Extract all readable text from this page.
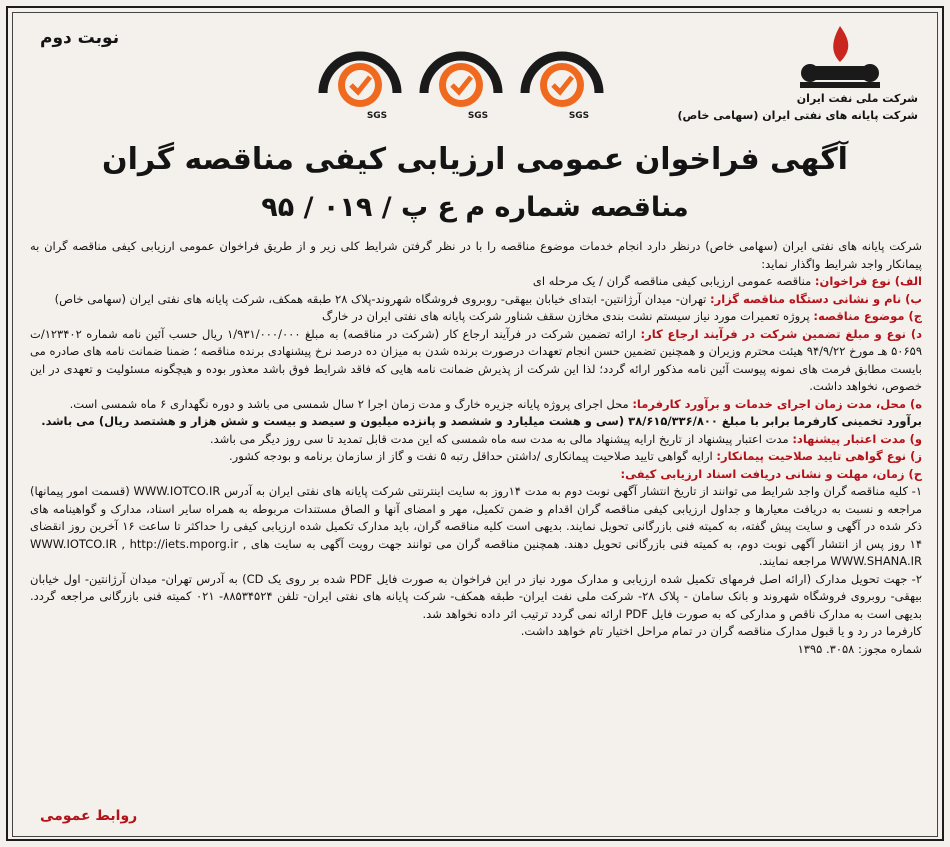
نوبت دوم
SGS
	SGS
	SGS
شرکت ملی نفت ایران
شرکت پایانه های نفتی ایران (سهامی خاص)
آگهی فراخوان عمومی ارزیابی کیفی مناقصه گران
مناقصه شماره م ع پ / ۰۱۹ / ۹۵

شرکت پایانه های نفتی ایران (سهامی خاص) درنظر دارد انجام خدمات موضوع مناقصه را با در نظر گرفتن شرایط کلی زیر و از طریق فراخوان عمومی ارزیابی کیفی مناقصه گران به پیمانکار واجد شرایط واگذار نماید:

الف) نوع فراخوان: مناقصه عمومی ارزیابی کیفی مناقصه گران / یک مرحله ای

ب) نام و نشانی دستگاه مناقصه گزار: تهران- میدان آرژانتین- ابتدای خیابان بیهقی- روبروی فروشگاه شهروند-پلاک ۲۸ طبقه همکف، شرکت پایانه های نفتی ایران (سهامی خاص)

ج) موضوع مناقصه: پروژه تعمیرات مورد نیاز سیستم نشت بندی مخازن سقف شناور شرکت پایانه های نفتی ایران در خارگ

د) نوع و مبلغ تضمین شرکت در فرآیند ارجاع کار: ارائه تضمین شرکت در فرآیند ارجاع کار (شرکت در مناقصه) به مبلغ ۱/۹۳۱/۰۰۰/۰۰۰ ریال حسب آئین نامه شماره ۱۲۳۴۰۲/ت ۵۰۶۵۹ هـ مورخ ۹۴/۹/۲۲ هیئت محترم وزیران و همچنین تضمین حسن انجام تعهدات درصورت برنده شدن به میزان ده درصد نرخ پیشنهادی برنده مناقصه ؛ ضمنا ضمانت نامه های صادره می بایست مطابق فرمت های نمونه پیوست آئین نامه مذکور ارائه گردد؛ لذا این شرکت از پذیرش ضمانت نامه هایی که فاقد شرایط فوق باشد معذور بوده و هیچگونه مسئولیت و تعهدی در این خصوص، نخواهد داشت.

ه) محل، مدت زمان اجرای خدمات و برآورد کارفرما: محل اجرای پروژه پایانه جزیره خارگ و مدت زمان اجرا ۲ سال شمسی می باشد و دوره نگهداری ۶ ماه شمسی است.

برآورد تخمینی کارفرما برابر با مبلغ ۳۸/۶۱۵/۳۳۶/۸۰۰ (سی و هشت میلیارد و ششصد و پانزده میلیون و سیصد و بیست و شش هزار و هشتصد ریال) می باشد.

و) مدت اعتبار پیشنهاد: مدت اعتبار پیشنهاد از تاریخ ارایه پیشنهاد مالی به مدت سه ماه شمسی که این مدت قابل تمدید تا سی روز دیگر می باشد.

ز) نوع گواهی تایید صلاحیت پیمانکار: ارایه گواهی تایید صلاحیت پیمانکاری /داشتن حداقل رتبه ۵ نفت و گاز از سازمان برنامه و بودجه کشور.

ح) زمان، مهلت و نشانی دریافت اسناد ارزیابی کیفی:

۱- کلیه مناقصه گران واجد شرایط می توانند از تاریخ انتشار آگهی نوبت دوم به مدت ۱۴روز به سایت اینترنتی شرکت پایانه های نفتی ایران به آدرس WWW.IOTCO.IR (قسمت امور پیمانها) مراجعه و نسبت به دریافت معیارها و جداول ارزیابی کیفی مناقصه گران اقدام و ضمن تکمیل، مهر و امضای آنها و الصاق مستندات مربوطه به همراه سایر اسناد، مدارک و گواهینامه های ذکر شده در آگهی و سایت پیش گفته، به کمیته فنی بازرگانی تحویل نمایند. بدیهی است کلیه مناقصه گران، باید مدارک تکمیل شده ارزیابی کیفی را حداکثر تا ساعت ۱۶ آخرین روز انقضای ۱۴ روز پس از انتشار آگهی نوبت دوم، به کمیته فنی بازرگانی تحویل دهند. همچنین مناقصه گران می توانند جهت رویت آگهی به سایت های WWW.IOTCO.IR , http://iets.mporg.ir , WWW.SHANA.IR مراجعه نمایند.

۲- جهت تحویل مدارک (ارائه اصل فرمهای تکمیل شده ارزیابی و مدارک مورد نیاز در این فراخوان به صورت فایل PDF شده بر روی یک CD) به آدرس تهران- میدان آرژانتین- اول خیابان بیهقی- روبروی فروشگاه شهروند و بانک سامان - پلاک ۲۸- شرکت ملی نفت ایران- طبقه همکف- شرکت پایانه های نفتی ایران- تلفن ۸۸۵۳۴۵۲۴- ۰۲۱ کمیته فنی بازرگانی مراجعه گردد. بدیهی است به مدارک ناقص و مدارکی که به صورت فایل PDF ارائه نمی گردد ترتیب اثر داده نخواهد شد.

کارفرما در رد و یا قبول مدارک مناقصه گران در تمام مراحل اختیار تام خواهد داشت.

شماره مجوز: ۳۰۵۸. ۱۳۹۵

روابط عمومی
